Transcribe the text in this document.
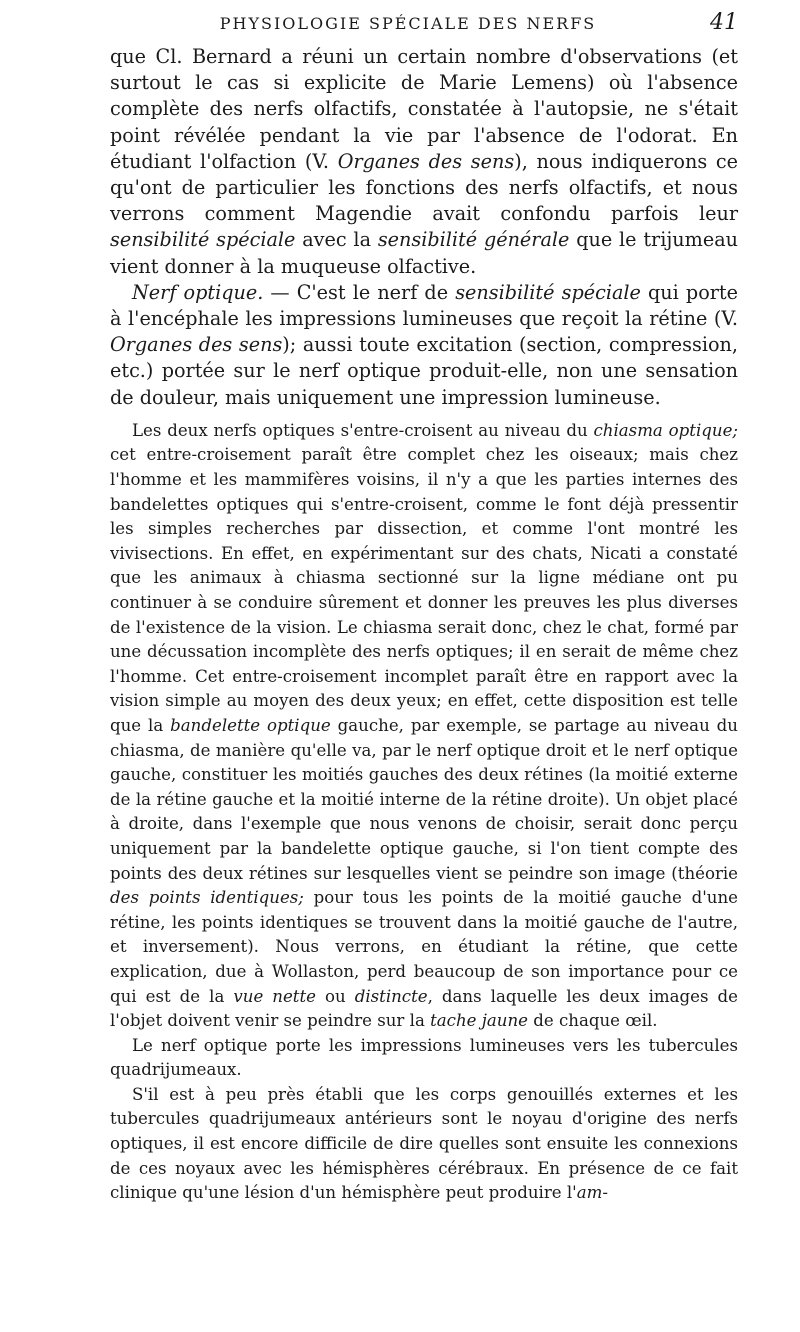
PHYSIOLOGIE SPÉCIALE DES NERFS	41

que Cl. Bernard a réuni un certain nombre d'observations (et surtout le cas si explicite de Marie Lemens) où l'absence complète des nerfs olfactifs, constatée à l'autopsie, ne s'était point révélée pendant la vie par l'absence de l'odorat. En étudiant l'olfaction (V. Organes des sens), nous indiquerons ce qu'ont de particulier les fonctions des nerfs olfactifs, et nous verrons comment Magendie avait confondu parfois leur sensibilité spéciale avec la sensibilité générale que le trijumeau vient donner à la muqueuse olfactive.

Nerf optique. — C'est le nerf de sensibilité spéciale qui porte à l'encéphale les impressions lumineuses que reçoit la rétine (V. Organes des sens); aussi toute excitation (section, compression, etc.) portée sur le nerf optique produit-elle, non une sensation de douleur, mais uniquement une impression lumineuse.

Les deux nerfs optiques s'entre-croisent au niveau du chiasma optique; cet entre-croisement paraît être complet chez les oiseaux; mais chez l'homme et les mammifères voisins, il n'y a que les parties internes des bandelettes optiques qui s'entre-croisent, comme le font déjà pressentir les simples recherches par dissection, et comme l'ont montré les vivisections. En effet, en expérimentant sur des chats, Nicati a constaté que les animaux à chiasma sectionné sur la ligne médiane ont pu continuer à se conduire sûrement et donner les preuves les plus diverses de l'existence de la vision. Le chiasma serait donc, chez le chat, formé par une décussation incomplète des nerfs optiques; il en serait de même chez l'homme. Cet entre-croisement incomplet paraît être en rapport avec la vision simple au moyen des deux yeux; en effet, cette disposition est telle que la bandelette optique gauche, par exemple, se partage au niveau du chiasma, de manière qu'elle va, par le nerf optique droit et le nerf optique gauche, constituer les moitiés gauches des deux rétines (la moitié externe de la rétine gauche et la moitié interne de la rétine droite). Un objet placé à droite, dans l'exemple que nous venons de choisir, serait donc perçu uniquement par la bandelette optique gauche, si l'on tient compte des points des deux rétines sur lesquelles vient se peindre son image (théorie des points identiques; pour tous les points de la moitié gauche d'une rétine, les points identiques se trouvent dans la moitié gauche de l'autre, et inversement). Nous verrons, en étudiant la rétine, que cette explication, due à Wollaston, perd beaucoup de son importance pour ce qui est de la vue nette ou distincte, dans laquelle les deux images de l'objet doivent venir se peindre sur la tache jaune de chaque œil.

Le nerf optique porte les impressions lumineuses vers les tubercules quadrijumeaux.

S'il est à peu près établi que les corps genouillés externes et les tubercules quadrijumeaux antérieurs sont le noyau d'origine des nerfs optiques, il est encore difficile de dire quelles sont ensuite les connexions de ces noyaux avec les hémisphères cérébraux. En présence de ce fait clinique qu'une lésion d'un hémisphère peut produire l'am-
